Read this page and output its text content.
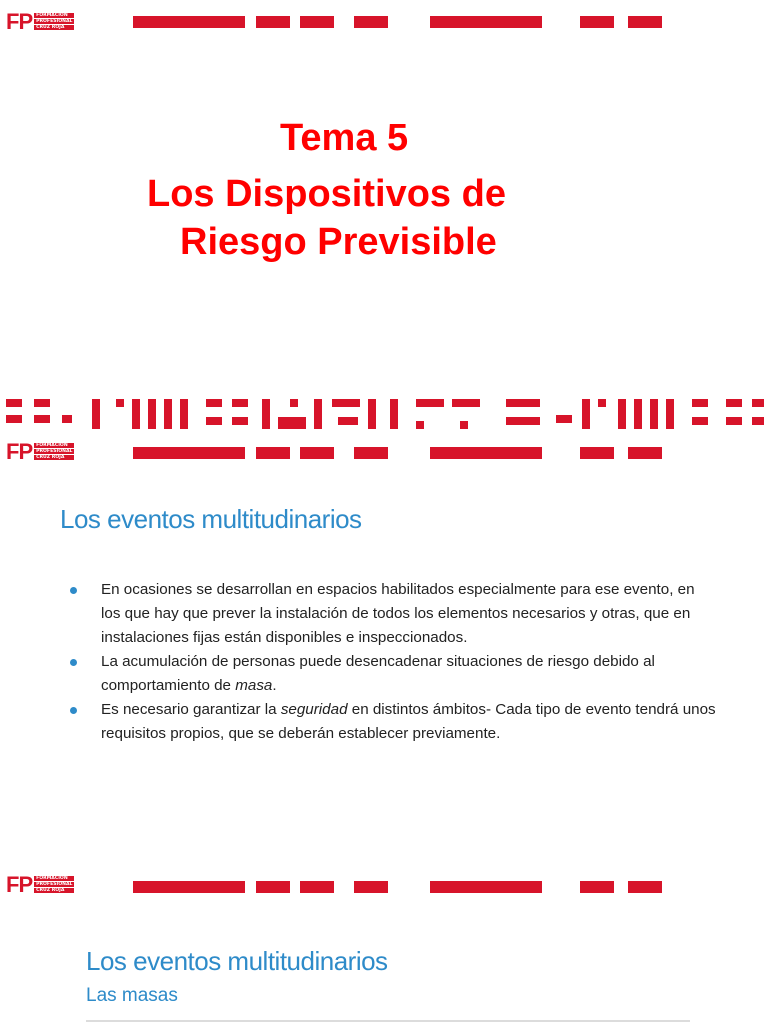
FP FORMACIÓN
PROFESIONAL
CRUZ ROJA
Tema 5
Los Dispositivos de
Riesgo Previsible
FP FORMACIÓN
PROFESIONAL
CRUZ ROJA
Los eventos multitudinarios
En ocasiones se desarrollan en espacios habilitados especialmente para ese evento, en los que hay que prever la instalación de todos los elementos necesarios y otras, que en instalaciones fijas están disponibles e inspeccionados.
La acumulación de personas puede desencadenar situaciones de riesgo debido al comportamiento de masa.
Es necesario garantizar la seguridad en distintos ámbitos- Cada tipo de evento tendrá unos requisitos propios, que se deberán establecer previamente.
FP FORMACIÓN
PROFESIONAL
CRUZ ROJA
Los eventos multitudinarios
Las masas
